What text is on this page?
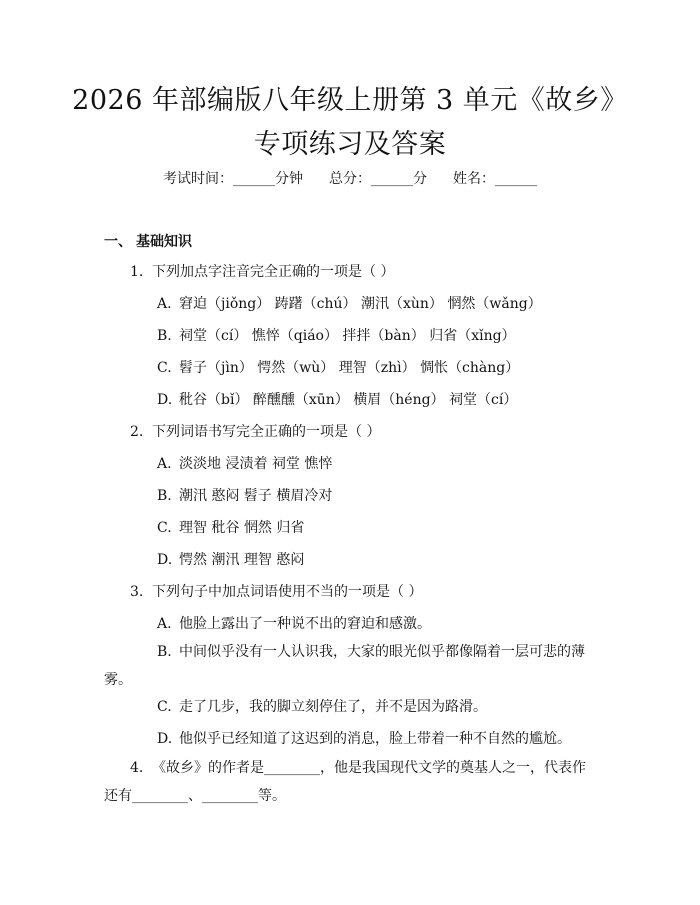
2026 年部编版八年级上册第 3 单元《故乡》
专项练习及答案
考试时间：______分钟 总分：______分 姓名：______
一、 基础知识
1. 下列加点字注音完全正确的一项是（ ）
A. 窘迫（jiǒng） 踌躇（chú） 潮汛（xùn） 惘然（wǎng）
B. 祠堂（cí） 憔悴（qiáo） 拌拌（bàn） 归省（xǐng）
C. 髫子（jìn） 愕然（wù） 理智（zhì） 惆怅（chàng）
D. 秕谷（bǐ） 醉醺醺（xūn） 横眉（héng） 祠堂（cí）
2. 下列词语书写完全正确的一项是（ ）
A. 淡淡地 浸渍着 祠堂 憔悴
B. 潮汛 憨闷 髫子 横眉冷对
C. 理智 秕谷 惘然 归省
D. 愕然 潮汛 理智 憨闷
3. 下列句子中加点词语使用不当的一项是（ ）
A. 他脸上露出了一种说不出的窘迫和感激。
B. 中间似乎没有一人认识我，大家的眼光似乎都像隔着一层可悲的薄雾。
C. 走了几步，我的脚立刻停住了，并不是因为路滑。
D. 他似乎已经知道了这迟到的消息，脸上带着一种不自然的尴尬。
4. 《故乡》的作者是________，他是我国现代文学的奠基人之一，代表作还有________、________等。
